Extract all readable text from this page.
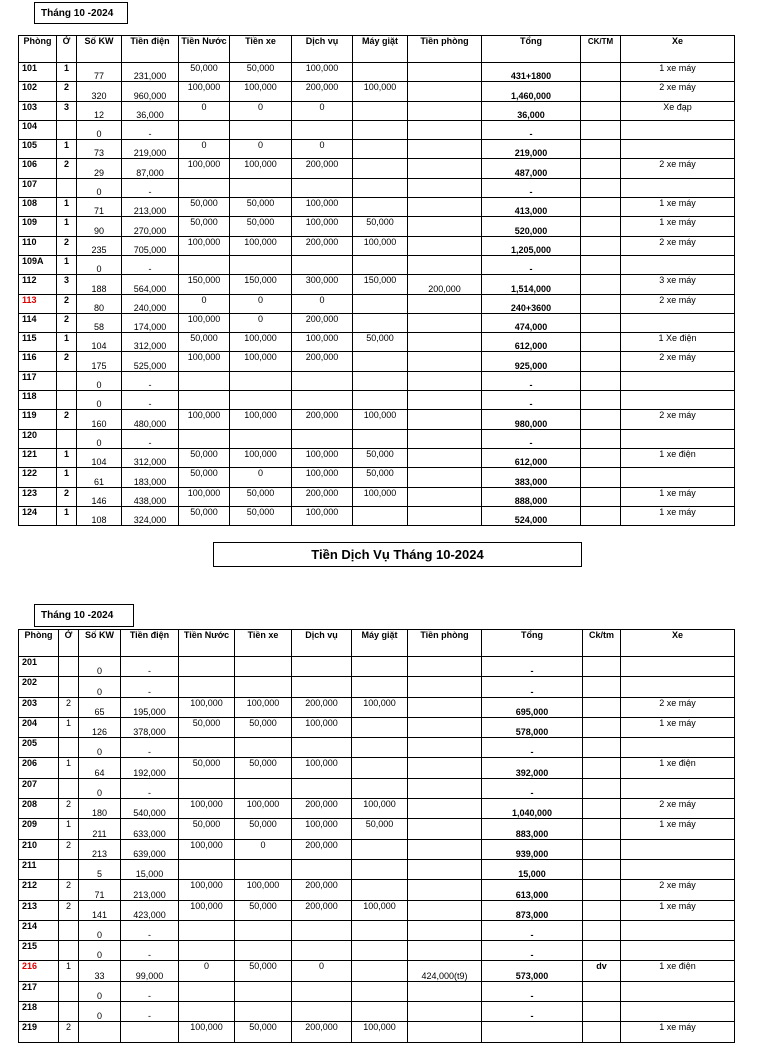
Tháng 10 -2024
Phòng	Ở	Số KW	Tiền điện	Tiền Nước	Tiền xe	Dịch vụ	Máy giặt	Tiền phòng	Tổng	CK/TM	Xe
101	1	77	231,000	50,000	50,000	100,000			431+1800		1 xe máy
102	2	320	960,000	100,000	100,000	200,000	100,000		1,460,000		2 xe máy
103	3	12	36,000	0	0	0			36,000		Xe đạp
104		0	-						-		
105	1	73	219,000	0	0	0			219,000		
106	2	29	87,000	100,000	100,000	200,000			487,000		2 xe máy
107		0	-						-		
108	1	71	213,000	50,000	50,000	100,000			413,000		1 xe máy
109	1	90	270,000	50,000	50,000	100,000	50,000		520,000		1 xe máy
110	2	235	705,000	100,000	100,000	200,000	100,000		1,205,000		2 xe máy
109A	1	0	-						-		
112	3	188	564,000	150,000	150,000	300,000	150,000	200,000	1,514,000		3 xe máy
113	2	80	240,000	0	0	0			240+3600		2 xe máy
114	2	58	174,000	100,000	0	200,000			474,000		
115	1	104	312,000	50,000	100,000	100,000	50,000		612,000		1 Xe điện
116	2	175	525,000	100,000	100,000	200,000			925,000		2 xe máy
117		0	-						-		
118		0	-						-		
119	2	160	480,000	100,000	100,000	200,000	100,000		980,000		2 xe máy
120		0	-						-		
121	1	104	312,000	50,000	100,000	100,000	50,000		612,000		1 xe điện
122	1	61	183,000	50,000	0	100,000	50,000		383,000		
123	2	146	438,000	100,000	50,000	200,000	100,000		888,000		1 xe máy
124	1	108	324,000	50,000	50,000	100,000			524,000		1 xe máy
Tiền Dịch Vụ Tháng 10-2024
Tháng 10 -2024
Phòng	Ở	Số KW	Tiền điện	Tiền Nước	Tiền xe	Dịch vụ	Máy giặt	Tiền phòng	Tổng	Ck/tm	Xe
201		0	-						-		
202		0	-						-		
203	2	65	195,000	100,000	100,000	200,000	100,000		695,000		2 xe máy
204	1	126	378,000	50,000	50,000	100,000			578,000		1 xe máy
205		0	-						-		
206	1	64	192,000	50,000	50,000	100,000			392,000		1 xe điện
207		0	-						-		
208	2	180	540,000	100,000	100,000	200,000	100,000		1,040,000		2 xe máy
209	1	211	633,000	50,000	50,000	100,000	50,000		883,000		1 xe máy
210	2	213	639,000	100,000	0	200,000			939,000		
211		5	15,000						15,000		
212	2	71	213,000	100,000	100,000	200,000			613,000		2 xe máy
213	2	141	423,000	100,000	50,000	200,000	100,000		873,000		1 xe máy
214		0	-						-		
215		0	-						-		
216	1	33	99,000	0	50,000	0		424,000(t9)	573,000	dv	1 xe điện
217		0	-						-		
218		0	-						-		
219	2			100,000	50,000	200,000	100,000				1 xe máy
